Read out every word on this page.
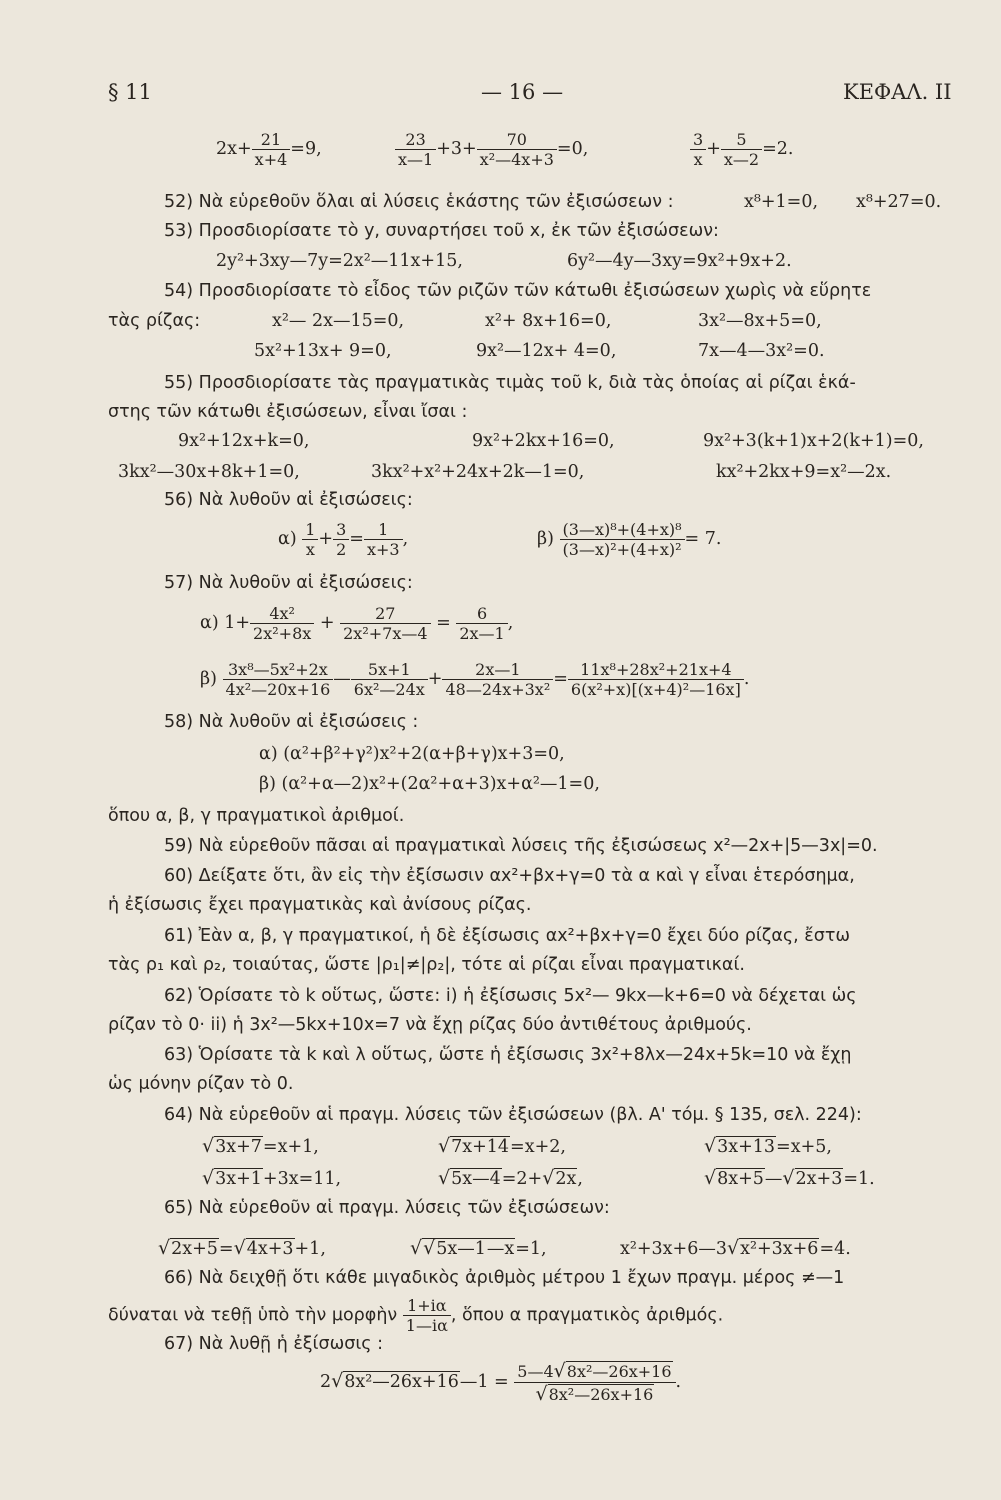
§ 11	— 16 —	ΚΕΦΑΛ. II
$2x+ \frac{21}{x+4} =9$,	$\frac{23}{x—1} +3+ \frac{70}{\text{x²—4x+3}} =0$,	$\frac{3}{x} + \frac{5}{x—2} =2$.
52) Νὰ εὑρεθοῦν ὅλαι αἱ λύσεις ἑκάστης τῶν ἐξισώσεων :	x⁸+1=0, x⁸+27=0.
53) Προσδιορίσατε τὸ y, συναρτήσει τοῦ x, ἐκ τῶν ἐξισώσεων:
2y²+3xy—7y=2x²—11x+15,	6y²—4y—3xy=9x²+9x+2.
54) Προσδιορίσατε τὸ εἶδος τῶν ριζῶν τῶν κάτωθι ἐξισώσεων χωρὶς νὰ εὕρητε
τὰς ρίζας:	x²— 2x—15=0,	x²+ 8x+16=0,	3x²—8x+5=0,
5x²+13x+ 9=0,	9x²—12x+ 4=0,	7x—4—3x²=0.
55) Προσδιορίσατε τὰς πραγματικὰς τιμὰς τοῦ k, διὰ τὰς ὁποίας αἱ ρίζαι ἑκά-
στης τῶν κάτωθι ἐξισώσεων, εἶναι ἴσαι :
9x²+12x+k=0,	9x²+2kx+16=0,	9x²+3(k+1)x+2(k+1)=0,
3kx²—30x+8k+1=0,	3kx²+x²+24x+2k—1=0,	kx²+2kx+9=x²—2x.
56) Νὰ λυθοῦν αἱ ἐξισώσεις:
$\alpha) \frac{1}{x} + \frac{3}{2} = \frac{1}{x+3}$ ,	$\beta) \frac{\text{(3—x)⁸+(4+x)⁸}}{\text{(3—x)²+(4+x)²}} = 7$.
57) Νὰ λυθοῦν αἱ ἐξισώσεις:
α) $1+ \frac{\text{4x²}}{\text{2x²+8x}} + \frac{27}{\text{2x²+7x—4}} = \frac{6}{2x—1}$ ,
$\beta) \frac{\text{3x⁸—5x²+2x}}{\text{4x²—20x+16}}$ — $\frac{5x+1}{\text{6x²—24x}} + \frac{2x—1}{\text{48—24x+3x²}} = \frac{\text{11x⁸+28x²+21x+4}}{\text{6(x²+x)[(x+4)²—16x]}}$ .
58) Νὰ λυθοῦν αἱ ἐξισώσεις :
α) (α²+β²+γ²)x²+2(α+β+γ)x+3=0,
β) (α²+α—2)x²+(2α²+α+3)x+α²—1=0,
ὅπου α, β, γ πραγματικοὶ ἀριθμοί.
59) Νὰ εὑρεθοῦν πᾶσαι αἱ πραγματικαὶ λύσεις τῆς ἐξισώσεως x²—2x+|5—3x|=0.
60) Δείξατε ὅτι, ἂν εἰς τὴν ἐξίσωσιν αx²+βx+γ=0 τὰ α καὶ γ εἶναι ἑτερόσημα,
ἡ ἐξίσωσις ἔχει πραγματικὰς καὶ ἀνίσους ρίζας.
61) Ἐὰν α, β, γ πραγματικοί, ἡ δὲ ἐξίσωσις αx²+βx+γ=0 ἔχει δύο ρίζας, ἔστω
τὰς ρ₁ καὶ ρ₂, τοιαύτας, ὥστε |ρ₁|≠|ρ₂|, τότε αἱ ρίζαι εἶναι πραγματικαί.
62) Ὁρίσατε τὸ k οὕτως, ὥστε: i) ἡ ἐξίσωσις 5x²— 9kx—k+6=0 νὰ δέχεται ὡς
ρίζαν τὸ 0· ii) ἡ 3x²—5kx+10x=7 νὰ ἔχῃ ρίζας δύο ἀντιθέτους ἀριθμούς.
63) Ὁρίσατε τὰ k καὶ λ οὕτως, ὥστε ἡ ἐξίσωσις 3x²+8λx—24x+5k=10 νὰ ἔχῃ
ὡς μόνην ρίζαν τὸ 0.
64) Νὰ εὑρεθοῦν αἱ πραγμ. λύσεις τῶν ἐξισώσεων (βλ. Α' τόμ. § 135, σελ. 224):
√3x+7=x+1,	√7x+14=x+2,	√3x+13=x+5,
√3x+1+3x=11,	√5x—4=2+√2x,	√8x+5—√2x+3=1.
65) Νὰ εὑρεθοῦν αἱ πραγμ. λύσεις τῶν ἐξισώσεων:
√2x+5=√4x+3+1,	√√5x—1—x=1,	x²+3x+6—3√x²+3x+6=4.
66) Νὰ δειχθῇ ὅτι κάθε μιγαδικὸς ἀριθμὸς μέτρου 1 ἔχων πραγμ. μέρος ≠—1
δύναται νὰ τεθῇ ὑπὸ τὴν μορφὴν $\frac{1+i\alpha}{1—i\alpha}$ , ὅπου α πραγματικὸς ἀριθμός.
67) Νὰ λυθῇ ἡ ἐξίσωσις :
2√8x²—26x+16—1 = $\frac{\text{5—4√8x²—26x+16}}{\text{√8x²—26x+16}}$ .
